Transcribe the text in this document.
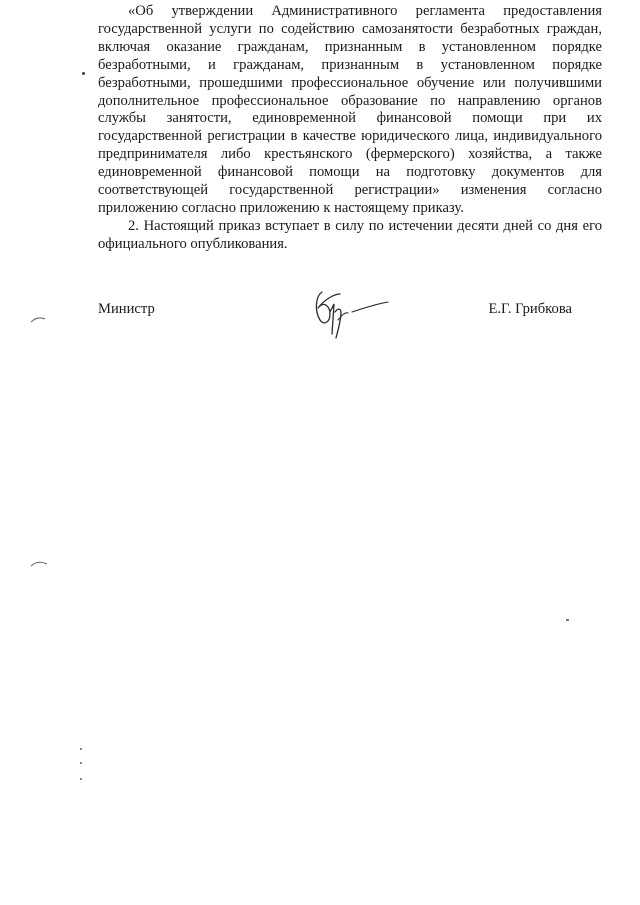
«Об утверждении Административного регламента предоставления государственной услуги по содействию самозанятости безработных граждан, включая оказание гражданам, признанным в установленном порядке безработными, и гражданам, признанным в установленном порядке безработными, прошедшими профессиональное обучение или получившими дополнительное профессиональное образование по направлению органов службы занятости, единовременной финансовой помощи при их государственной регистрации в качестве юридического лица, индивидуального предпринимателя либо крестьянского (фермерского) хозяйства, а также единовременной финансовой помощи на подготовку документов для соответствующей государственной регистрации» изменения согласно приложению согласно приложению к настоящему приказу.

2. Настоящий приказ вступает в силу по истечении десяти дней со дня его официального опубликования.

Министр	Е.Г. Грибкова
